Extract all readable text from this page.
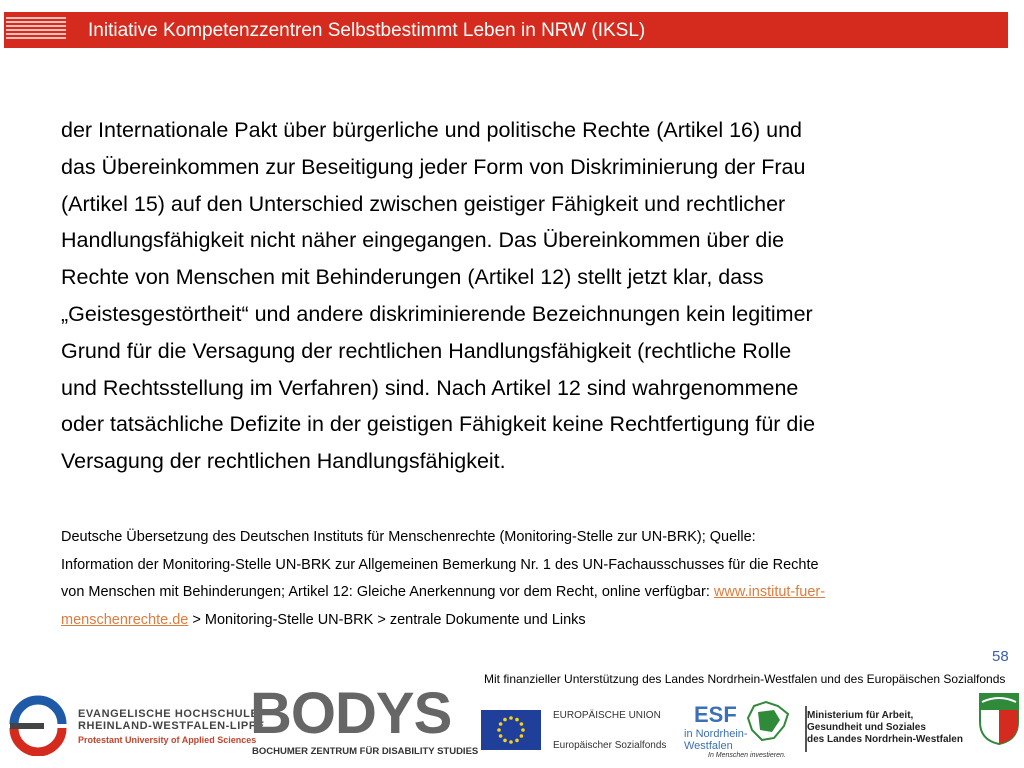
Initiative Kompetenzzentren Selbstbestimmt Leben in NRW (IKSL)

der Internationale Pakt über bürgerliche und politische Rechte (Artikel 16) und

das Übereinkommen zur Beseitigung jeder Form von Diskriminierung der Frau

(Artikel 15) auf den Unterschied zwischen geistiger Fähigkeit und rechtlicher

Handlungsfähigkeit nicht näher eingegangen. Das Übereinkommen über die

Rechte von Menschen mit Behinderungen (Artikel 12) stellt jetzt klar, dass

„Geistesgestörtheit“ und andere diskriminierende Bezeichnungen kein legitimer

Grund für die Versagung der rechtlichen Handlungsfähigkeit (rechtliche Rolle

und Rechtsstellung im Verfahren) sind. Nach Artikel 12 sind wahrgenommene

oder tatsächliche Defizite in der geistigen Fähigkeit keine Rechtfertigung für die

Versagung der rechtlichen Handlungsfähigkeit.

Deutsche Übersetzung des Deutschen Instituts für Menschenrechte (Monitoring-Stelle zur UN-BRK); Quelle:

Information der Monitoring-Stelle UN-BRK zur Allgemeinen Bemerkung Nr. 1 des UN-Fachausschusses für die Rechte

von Menschen mit Behinderungen; Artikel 12: Gleiche Anerkennung vor dem Recht, online verfügbar: www.institut-fuer-

menschenrechte.de > Monitoring-Stelle UN-BRK > zentrale Dokumente und Links

58
Mit finanzieller Unterstützung des Landes Nordrhein-Westfalen und des Europäischen Sozialfonds
EVANGELISCHE HOCHSCHULE
RHEINLAND-WESTFALEN-LIPPE
Protestant University of Applied Sciences
BODYS
BOCHUMER ZENTRUM FÜR DISABILITY STUDIES
EUROPÄISCHE UNION
Europäischer Sozialfonds
ESF
in Nordrhein-
Westfalen
In Menschen investieren.
Ministerium für Arbeit,
Gesundheit und Soziales
des Landes Nordrhein-Westfalen
